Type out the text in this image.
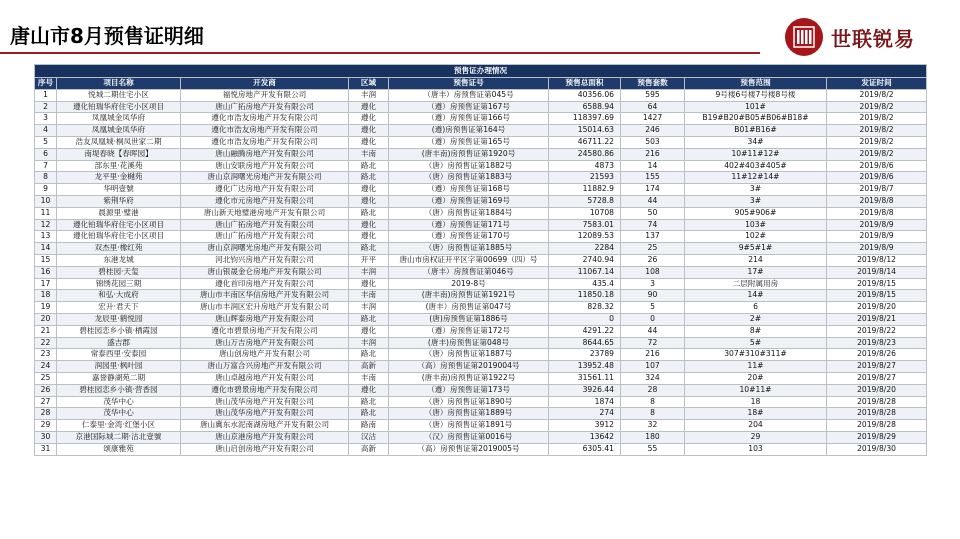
唐山市8月预售证明细	世联锐易
预售证办理情况								
序号	项目名称	开发商	区域	预售证号	预售总面积	预售套数	预售范围	发证时间
1	悦城二期住宅小区	福悦房地产开发有限公司	丰润	（唐丰）房预售证第045号	40356.06	595	9号楼6号楼7号楼8号楼	2019/8/2
2	遵化铂瑞华府住宅小区项目	唐山广拓房地产开发有限公司	遵化	（遵）房预售证第167号	6588.94	64	101#	2019/8/2
3	凤凰城金凤华府	遵化市浩友房地产开发有限公司	遵化	（遵）房预售证第166号	118397.69	1427	B19#B20#B05#B06#B18#	2019/8/2
4	凤凰城金凤华府	遵化市浩友房地产开发有限公司	遵化	(遵)房预售证第164号	15014.63	246	B01#B16#	2019/8/2
5	浩友凤凰城·桐凤世家二期	遵化市浩友房地产开发有限公司	遵化	（遵）房预售证第165号	46711.22	503	34#	2019/8/2
6	南堤春晓【春晖园】	唐山融腾房地产开发有限公司	丰南	(唐丰南)房预售证第1920号	24580.86	216	10#11#12#	2019/8/2
7	部东里·花溪苑	唐山安联房地产开发有限公司	路北	（唐）房预售证第1882号	4873	14	402#403#405#	2019/8/6
8	龙平里·金樾苑	唐山京润曙光房地产开发有限公司	路北	（唐）房预售证第1883号	21593	155	11#12#14#	2019/8/6
9	华明壹號	遵化广达房地产开发有限公司	遵化	（遵）房预售证第168号	11882.9	174	3#	2019/8/7
10	紫荆华府	遵化市元房地产开发有限公司	遵化	（遵）房预售证第169号	5728.8	44	3#	2019/8/8
11	晨源里·璧港	唐山新天地璧港房地产开发有限公司	路北	（唐）房预售证第1884号	10708	50	905#906#	2019/8/8
12	遵化铂瑞华府住宅小区项目	唐山广拓房地产开发有限公司	遵化	（遵）房预售证第171号	7583.01	74	103#	2019/8/9
13	遵化铂瑞华府住宅小区项目	唐山广拓房地产开发有限公司	遵化	（遵）房预售证第170号	12089.53	137	102#	2019/8/9
14	双杰里·橡红苑	唐山京润曙光房地产开发有限公司	路北	（唐）房预售证第1885号	2284	25	9#5#1#	2019/8/9
15	东港龙城	河北钧兴房地产开发有限公司	开平	唐山市房权证开平区字第00699（四）号	2740.94	26	214	2019/8/12
16	碧桂园·天玺	唐山银晟金仑房地产开发有限公司	丰润	（唐丰）房预售证第046号	11067.14	108	17#	2019/8/14
17	锦绣花园三期	遵化首印房地产开发有限公司	遵化	2019-8号	435.4	3	二层附属用房	2019/8/15
18	和弘·大成府	唐山市丰南区华信房地产开发有限公司	丰南	(唐丰南)房预售证第1921号	11850.18	90	14#	2019/8/15
19	宏升·君天下	唐山市丰润区宏升房地产开发有限公司	丰润	(唐丰）房预售证第047号	828.32	5	6	2019/8/20
20	龙辰里·鹤悦园	唐山辉泰房地产开发有限公司	路北	(唐)房预售证第1886号	0	0	2#	2019/8/21
21	碧桂园恋乡小镇·栖霞园	遵化市碧景房地产开发有限公司	遵化	（遵）房预售证第172号	4291.22	44	8#	2019/8/22
22	盛吉郡	唐山万吉房地产开发有限公司	丰润	(唐丰)房预售证第048号	8644.65	72	5#	2019/8/23
23	常泰西里·安泰园	唐山创房地产开发有限公司	路北	（唐）房预售证第1887号	23789	216	307#310#311#	2019/8/26
24	润园里·枫叶园	唐山万富合兴房地产开发有限公司	高新	（高）房预售证第2019004号	13952.48	107	11#	2019/8/27
25	嘉誉静湖苑二期	唐山卓越房地产开发有限公司	丰南	(唐丰南)房预售证第1922号	31561.11	324	20#	2019/8/27
26	碧桂园恋乡小镇·营香园	遵化市碧景房地产开发有限公司	遵化	（遵）房预售证第173号	3926.44	28	10#11#	2019/8/20
27	茂华中心	唐山茂华房地产开发有限公司	路北	（唐）房预售证第1890号	1874	8	18	2019/8/28
28	茂华中心	唐山茂华房地产开发有限公司	路北	（唐）房预售证第1889号	274	8	18#	2019/8/28
29	仁泰里·金湾·红堡小区	唐山冀东水泥南湖房地产开发有限公司	路南	（唐）房预售证第1891号	3912	32	204	2019/8/28
30	京港国际城二期·沽北壹號	唐山京港房地产开发有限公司	汉沽	（汉）房预售证第0016号	13642	180	29	2019/8/29
31	颂康雅苑	唐山启创房地产开发有限公司	高新	（高）房预售证第2019005号	6305.41	55	103	2019/8/30
